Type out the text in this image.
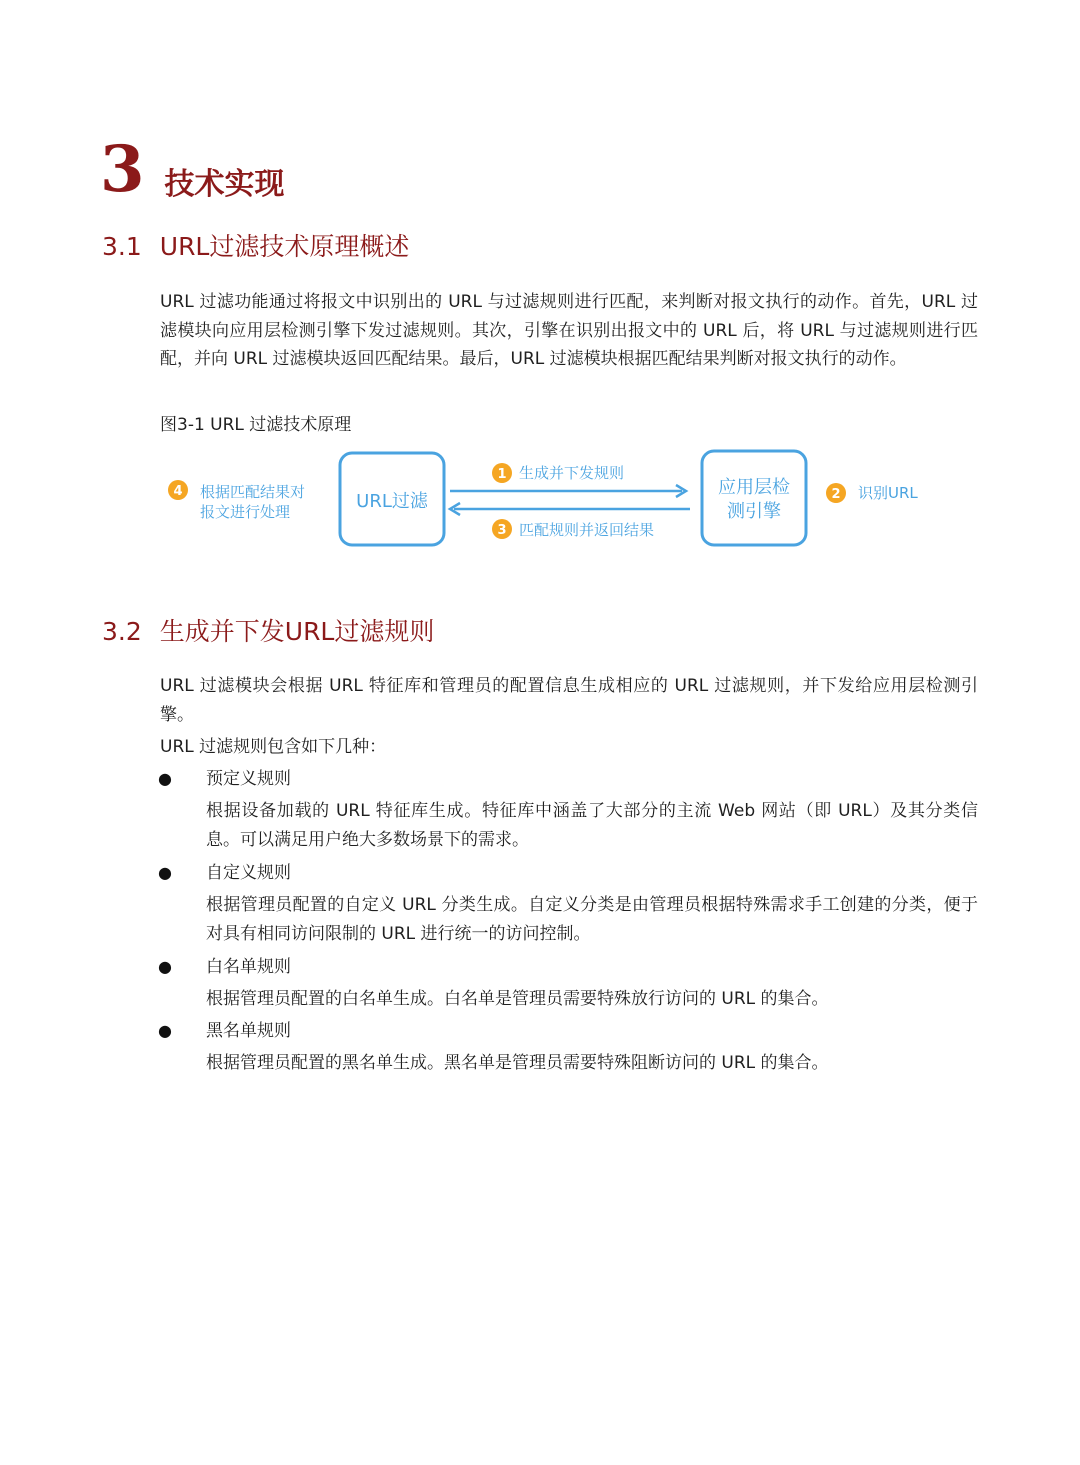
3 技术实现
3.1 URL过滤技术原理概述

URL 过滤功能通过将报文中识别出的 URL 与过滤规则进行匹配，来判断对报文执行的动作。首先，URL 过滤模块向应用层检测引擎下发过滤规则。其次，引擎在识别出报文中的 URL 后，将 URL 与过滤规则进行匹配，并向 URL 过滤模块返回匹配结果。最后，URL 过滤模块根据匹配结果判断对报文执行的动作。

图3-1 URL 过滤技术原理
4 根据匹配结果对
报文进行处理	URL过滤
1 生成并下发规则
3 匹配规则并返回结果
应用层检
测引擎
2 识别URL
3.2 生成并下发URL过滤规则

URL 过滤模块会根据 URL 特征库和管理员的配置信息生成相应的 URL 过滤规则，并下发给应用层检测引擎。

URL 过滤规则包含如下几种：

● 预定义规则

根据设备加载的 URL 特征库生成。特征库中涵盖了大部分的主流 Web 网站（即 URL）及其分类信息。可以满足用户绝大多数场景下的需求。

● 自定义规则

根据管理员配置的自定义 URL 分类生成。自定义分类是由管理员根据特殊需求手工创建的分类，便于对具有相同访问限制的 URL 进行统一的访问控制。

● 白名单规则

根据管理员配置的白名单生成。白名单是管理员需要特殊放行访问的 URL 的集合。

● 黑名单规则

根据管理员配置的黑名单生成。黑名单是管理员需要特殊阻断访问的 URL 的集合。
